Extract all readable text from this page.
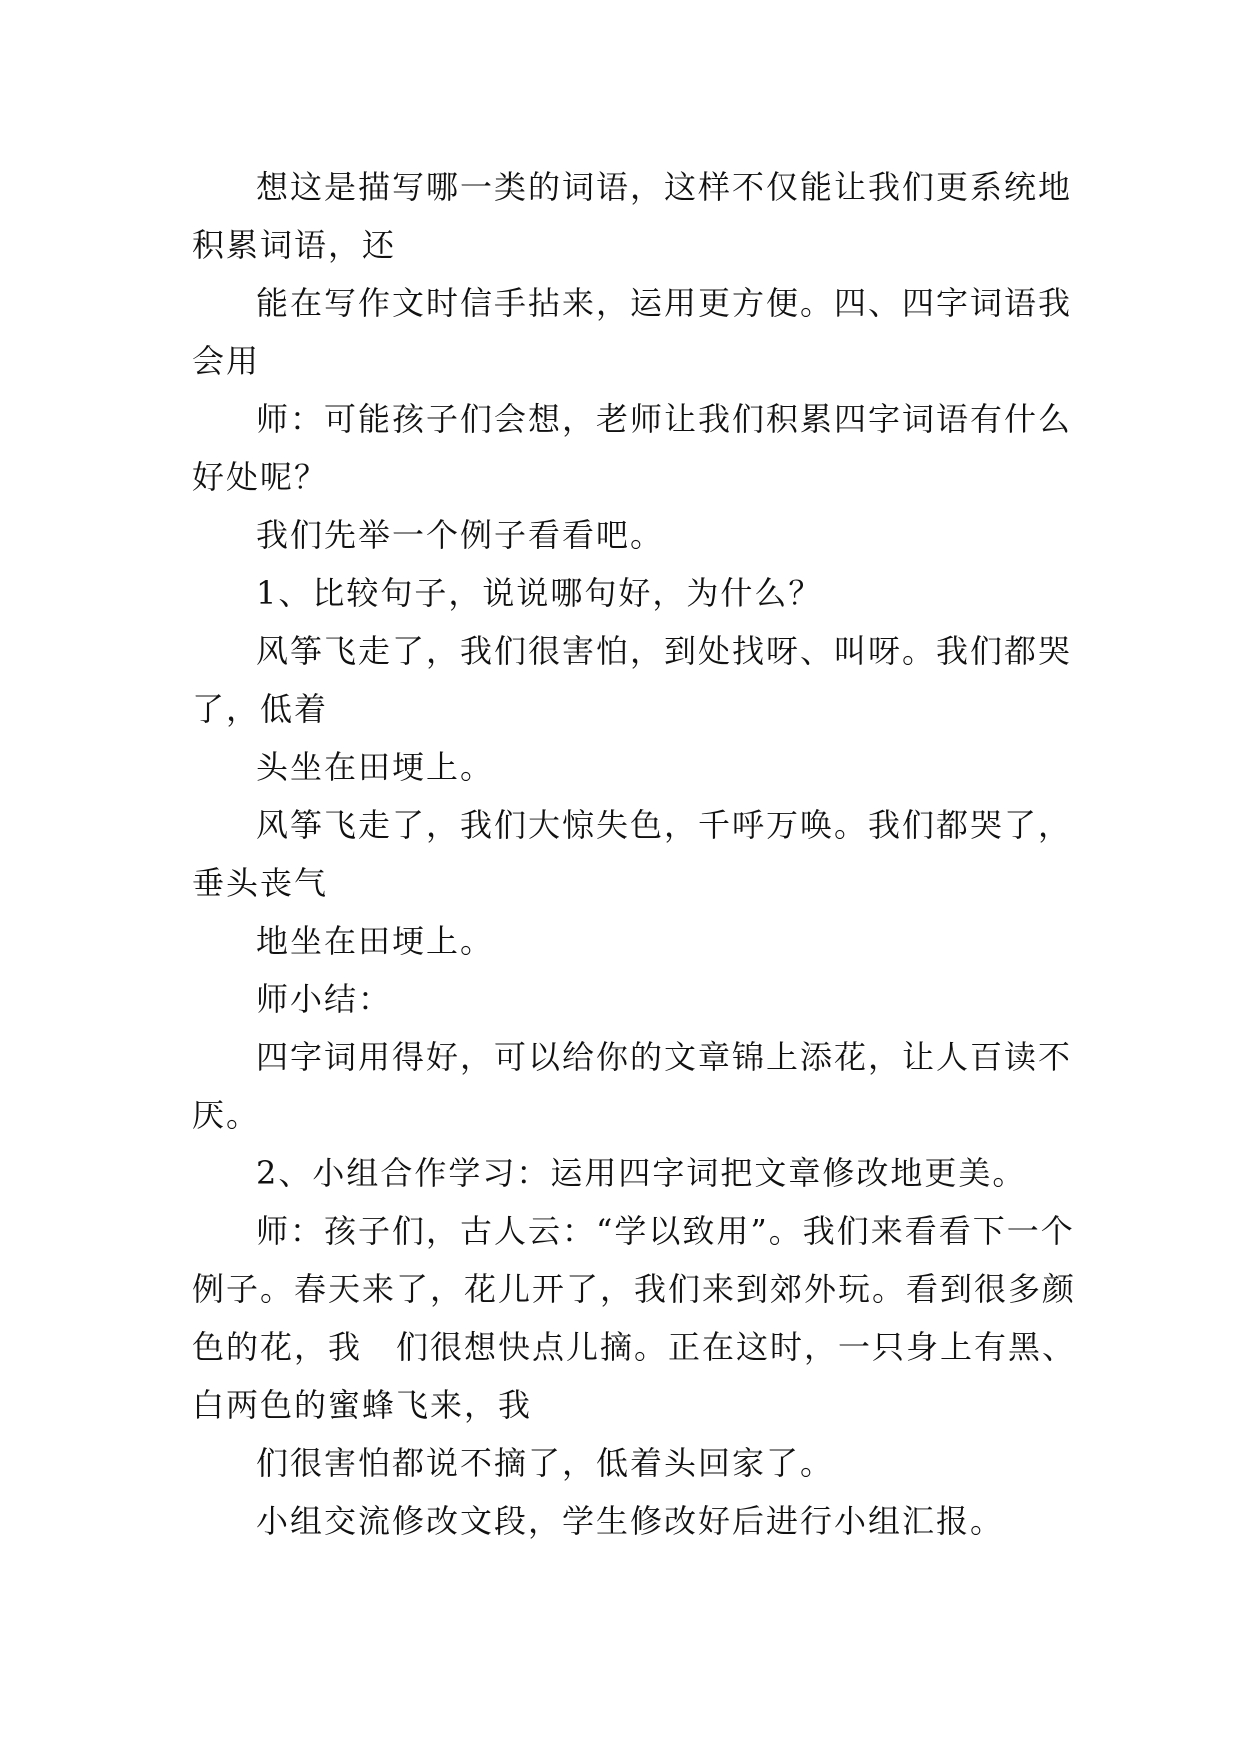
想这是描写哪一类的词语，这样不仅能让我们更系统地
积累词语，还

能在写作文时信手拈来，运用更方便。四、四字词语我
会用

师：可能孩子们会想，老师让我们积累四字词语有什么
好处呢？

我们先举一个例子看看吧。

1、比较句子，说说哪句好，为什么？

风筝飞走了，我们很害怕，到处找呀、叫呀。我们都哭
了，低着

头坐在田埂上。

风筝飞走了，我们大惊失色，千呼万唤。我们都哭了，
垂头丧气

地坐在田埂上。

师小结：

四字词用得好，可以给你的文章锦上添花，让人百读不
厌。

2、小组合作学习：运用四字词把文章修改地更美。

师：孩子们，古人云：“学以致用”。我们来看看下一个
例子。春天来了，花儿开了，我们来到郊外玩。看到很多颜
色的花，我　们很想快点儿摘。正在这时，一只身上有黑、
白两色的蜜蜂飞来，我

们很害怕都说不摘了，低着头回家了。

小组交流修改文段，学生修改好后进行小组汇报。
